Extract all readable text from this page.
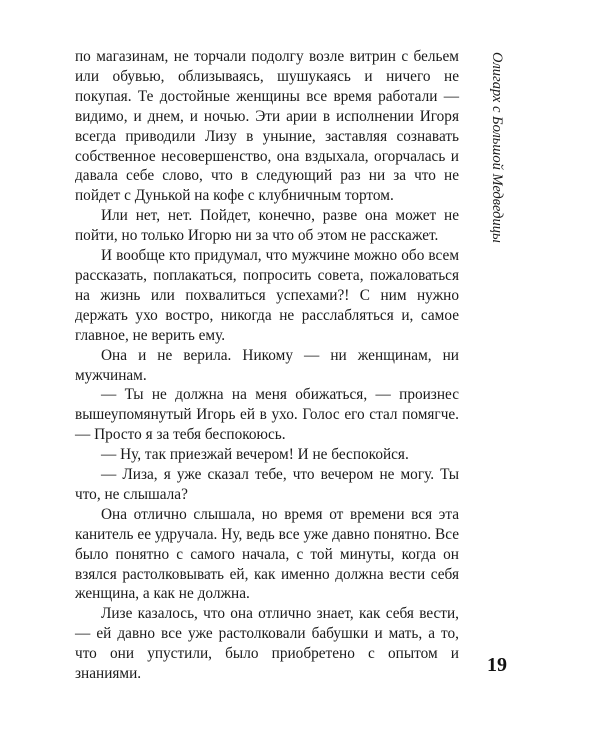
по магазинам, не торчали подолгу возле витрин с бельем или обувью, облизываясь, шушукаясь и ничего не покупая. Те достойные женщины все время работали — видимо, и днем, и ночью. Эти арии в исполнении Игоря всегда приводили Лизу в уныние, заставляя сознавать собственное несовершенство, она вздыхала, огорчалась и давала себе слово, что в следующий раз ни за что не пойдет с Дунькой на кофе с клубничным тортом.

Или нет, нет. Пойдет, конечно, разве она может не пойти, но только Игорю ни за что об этом не расскажет.

И вообще кто придумал, что мужчине можно обо всем рассказать, поплакаться, попросить совета, пожаловаться на жизнь или похвалиться успехами?! С ним нужно держать ухо востро, никогда не расслабляться и, самое главное, не верить ему.

Она и не верила. Никому — ни женщинам, ни мужчинам.

— Ты не должна на меня обижаться, — произнес вышеупомянутый Игорь ей в ухо. Голос его стал помягче. — Просто я за тебя беспокоюсь.

— Ну, так приезжай вечером! И не беспокойся.

— Лиза, я уже сказал тебе, что вечером не могу. Ты что, не слышала?

Она отлично слышала, но время от времени вся эта канитель ее удручала. Ну, ведь все уже давно понятно. Все было понятно с самого начала, с той минуты, когда он взялся растолковывать ей, как именно должна вести себя женщина, а как не должна.

Лизе казалось, что она отлично знает, как себя вести, — ей давно все уже растолковали бабушки и мать, а то, что они упустили, было приобретено с опытом и знаниями.

Олигарх с Большой Медведицы
19
